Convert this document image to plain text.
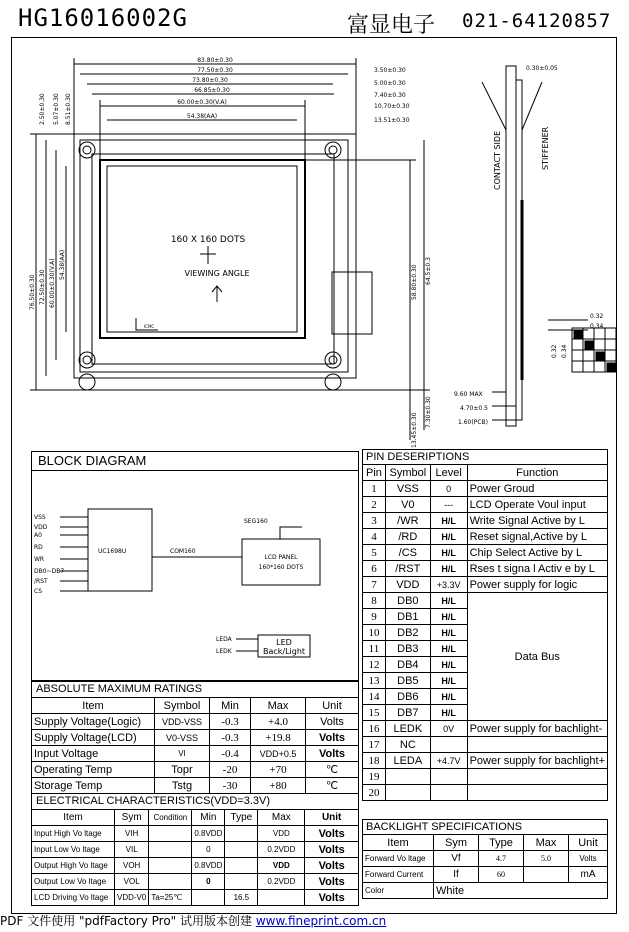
HG16016002G	富显电子 021-64120857
83.80±0.30
77.50±0.30
73.80±0.30
66.85±0.30
60.00±0.30(V.A)
54.38(AA)
3.50±0.30
5.00±0.30
7.40±0.30
10.70±0.30
13.51±0.30
2.50±0.30 5.07±0.30 8.51±0.30
76.50±0.30 72.50±0.30 60.00±0.30(V.A) 54.38(AA)	58.80±0.30 64.5±0.3
13.45±0.30
7.30±0.30
0.30±0.05
9.60 MAX
4.70±0.5
1.60(PCB)
0.32
0.34
0.32 0.34
ICMC
160 X 160 DOTS
VIEWING ANGLE
CONTACT SIDE	STIFFENER
BLOCK DIAGRAM
VSS
VDD
A0
RD
WR
DB0~DB7
/RST
CS
UC1698U	COM160
SEG160
LCD PANEL
160*160 DOTS
LEDA
LEDK
LED
Back/Light
ABSOLUTE MAXIMUM RATINGS
Item	Symbol	Min	Max	Unit
Supply Voltage(Logic)	VDD-VSS	-0.3	+4.0	Volts
Supply Voltage(LCD)	V0-VSS	-0.3	+19.8	Volts
Input Voltage	VI	-0.4	VDD+0.5	Volts
Operating Temp	Topr	-20	+70	℃
Storage Temp	Tstg	-30	+80	℃
ELECTRICAL CHARACTERISTICS(VDD=3.3V)
Item	Sym	Condition	Min	Type	Max	Unit
Input High Vo ltage	VIH		0.8VDD		VDD	Volts
Input Low Vo ltage	VIL		0		0.2VDD	Volts
Output High Vo ltage	VOH		0.8VDD		VDD	Volts
Output Low Vo ltage	VOL		0		0.2VDD	Volts
LCD Driving Vo ltage	VDD-V0	Ta=25℃		16.5		Volts
PIN DESERIPTIONS
Pin	Symbol	Level	Function
1	VSS	0	Power Groud
2	V0	---	LCD Operate Voul input
3	/WR	H/L	Write Signal Active by L
4	/RD	H/L	Reset signal,Active by L
5	/CS	H/L	Chip Select Active by L
6	/RST	H/L	Rses t signa l Activ e by L
7	VDD	+3.3V	Power supply for logic
8	DB0	H/L	Data Bus
9	DB1	H/L	
10	DB2	H/L	
11	DB3	H/L	
12	DB4	H/L	
13	DB5	H/L	
14	DB6	H/L	
15	DB7	H/L	
16	LEDK	0V	Power supply for bachlight-
17	NC		
18	LEDA	+4.7V	Power supply for bachlight+
19			
20			
BACKLIGHT SPECIFICATIONS
Item	Sym	Type	Max	Unit
Forward Vo ltage	Vf	4.7	5.0	Volts
Forward Current	If	60		mA
Color	White			
PDF 文件使用 "pdfFactory Pro" 试用版本创建 www.fineprint.com.cn
